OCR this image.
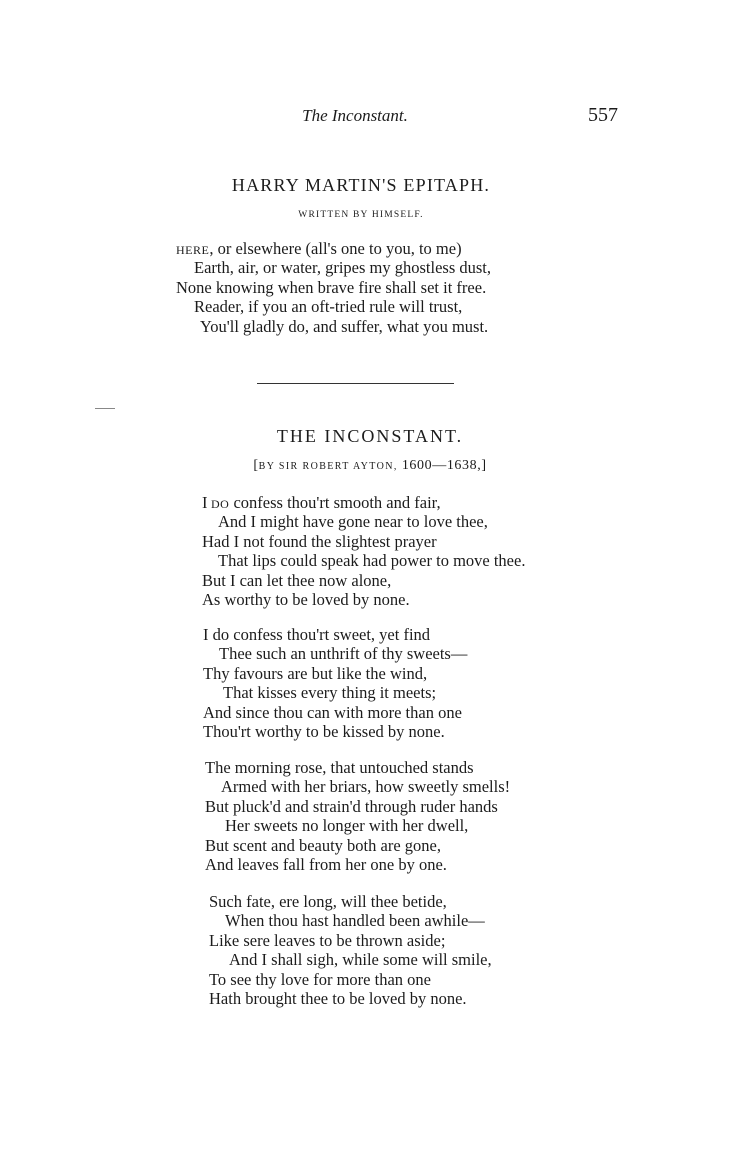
The Inconstant.	557
HARRY MARTIN'S EPITAPH.
WRITTEN BY HIMSELF.
HERE, or elsewhere (all's one to you, to me)
Earth, air, or water, gripes my ghostless dust,
None knowing when brave fire shall set it free.
Reader, if you an oft-tried rule will trust,
You'll gladly do, and suffer, what you must.
THE INCONSTANT.
[BY SIR ROBERT AYTON, 1600—1638,]
I DO confess thou'rt smooth and fair,
And I might have gone near to love thee,
Had I not found the slightest prayer
That lips could speak had power to move thee.
But I can let thee now alone,
As worthy to be loved by none.
I do confess thou'rt sweet, yet find
Thee such an unthrift of thy sweets—
Thy favours are but like the wind,
That kisses every thing it meets;
And since thou can with more than one
Thou'rt worthy to be kissed by none.
The morning rose, that untouched stands
Armed with her briars, how sweetly smells!
But pluck'd and strain'd through ruder hands
Her sweets no longer with her dwell,
But scent and beauty both are gone,
And leaves fall from her one by one.
Such fate, ere long, will thee betide,
When thou hast handled been awhile—
Like sere leaves to be thrown aside;
And I shall sigh, while some will smile,
To see thy love for more than one
Hath brought thee to be loved by none.
